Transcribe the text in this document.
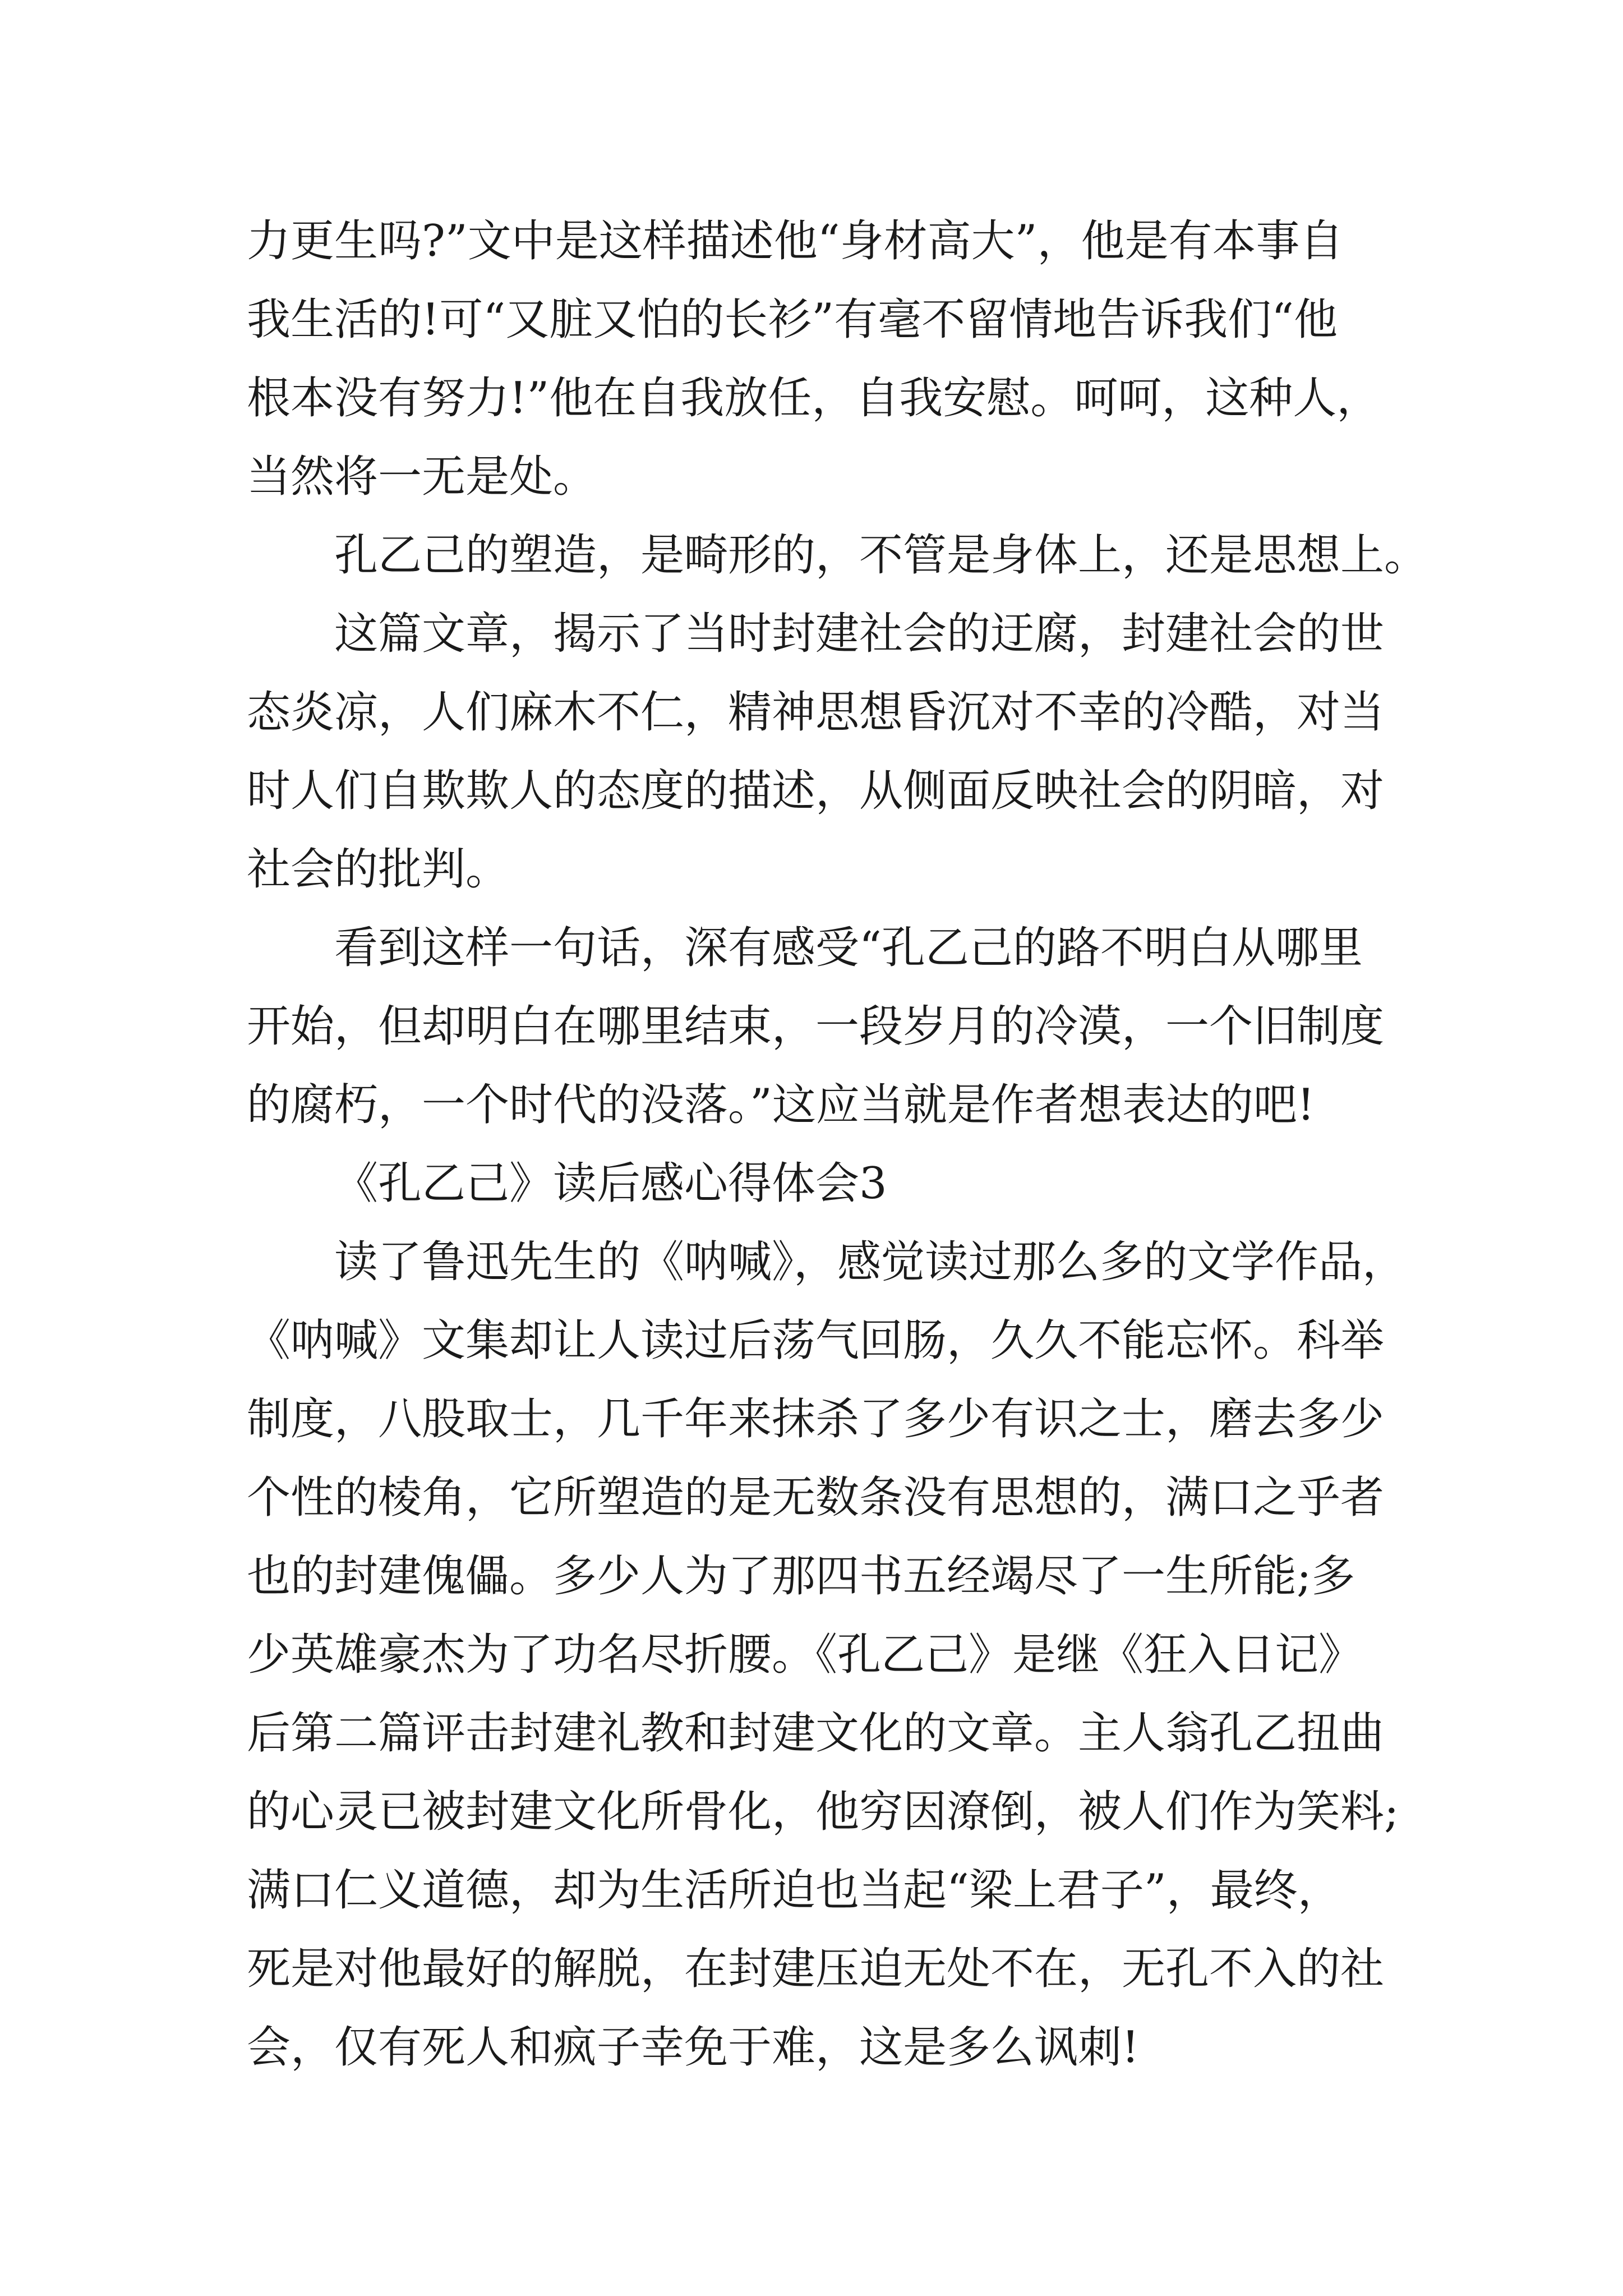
力更生吗?”文中是这样描述他“身材高大”，他是有本事自
我生活的!可“又脏又怕的长衫”有毫不留情地告诉我们“他
根本没有努力!”他在自我放任，自我安慰。呵呵，这种人，
当然将一无是处。
孔乙己的塑造，是畸形的，不管是身体上，还是思想上。
这篇文章，揭示了当时封建社会的迂腐，封建社会的世
态炎凉，人们麻木不仁，精神思想昏沉对不幸的冷酷，对当
时人们自欺欺人的态度的描述，从侧面反映社会的阴暗，对
社会的批判。
看到这样一句话，深有感受“孔乙己的路不明白从哪里
开始，但却明白在哪里结束，一段岁月的冷漠，一个旧制度
的腐朽，一个时代的没落。”这应当就是作者想表达的吧!
《孔乙己》读后感心得体会3
读了鲁迅先生的《呐喊》，感觉读过那么多的文学作品，
《呐喊》文集却让人读过后荡气回肠，久久不能忘怀。科举
制度，八股取士，几千年来抹杀了多少有识之士，磨去多少
个性的棱角，它所塑造的是无数条没有思想的，满口之乎者
也的封建傀儡。多少人为了那四书五经竭尽了一生所能;多
少英雄豪杰为了功名尽折腰。《孔乙己》是继《狂入日记》
后第二篇评击封建礼教和封建文化的文章。主人翁孔乙扭曲
的心灵已被封建文化所骨化，他穷因潦倒，被人们作为笑料;
满口仁义道德，却为生活所迫也当起“梁上君子”，最终，
死是对他最好的解脱，在封建压迫无处不在，无孔不入的社
会，仅有死人和疯子幸免于难，这是多么讽刺!
